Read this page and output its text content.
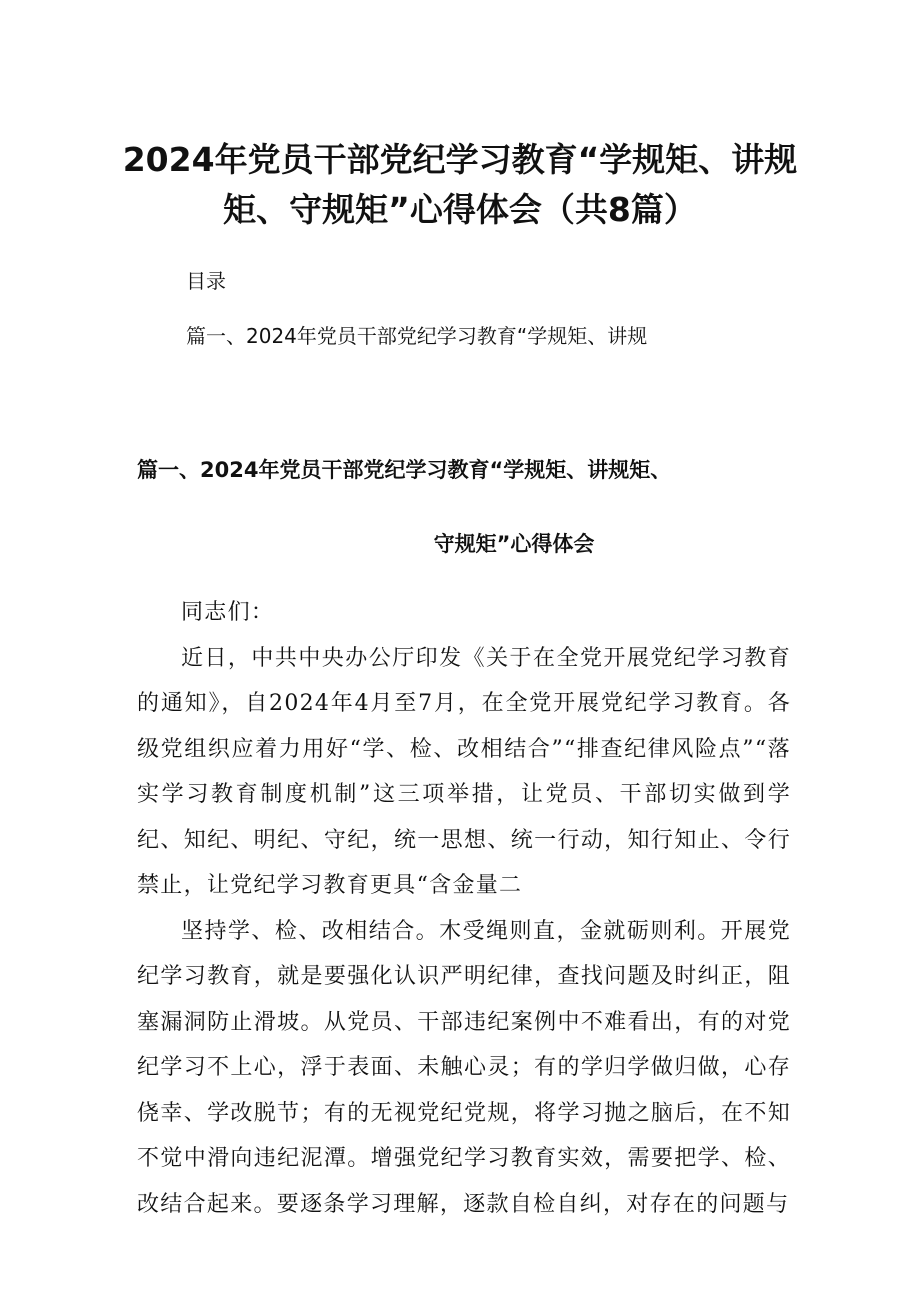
2024年党员干部党纪学习教育“学规矩、讲规
矩、守规矩”心得体会（共8篇）
目录
篇一、2024年党员干部党纪学习教育“学规矩、讲规
篇一、2024年党员干部党纪学习教育“学规矩、讲规矩、
守规矩”心得体会

同志们：

近日，中共中央办公厅印发《关于在全党开展党纪学习教育的通知》，自2024年4月至7月，在全党开展党纪学习教育。各级党组织应着力用好“学、检、改相结合”“排查纪律风险点”“落实学习教育制度机制”这三项举措，让党员、干部切实做到学纪、知纪、明纪、守纪，统一思想、统一行动，知行知止、令行禁止，让党纪学习教育更具“含金量二

坚持学、检、改相结合。木受绳则直，金就砺则利。开展党纪学习教育，就是要强化认识严明纪律，查找问题及时纠正，阻塞漏洞防止滑坡。从党员、干部违纪案例中不难看出，有的对党纪学习不上心，浮于表面、未触心灵；有的学归学做归做，心存侥幸、学改脱节；有的无视党纪党规，将学习抛之脑后，在不知不觉中滑向违纪泥潭。增强党纪学习教育实效，需要把学、检、改结合起来。要逐条学习理解，逐款自检自纠，对存在的问题与
